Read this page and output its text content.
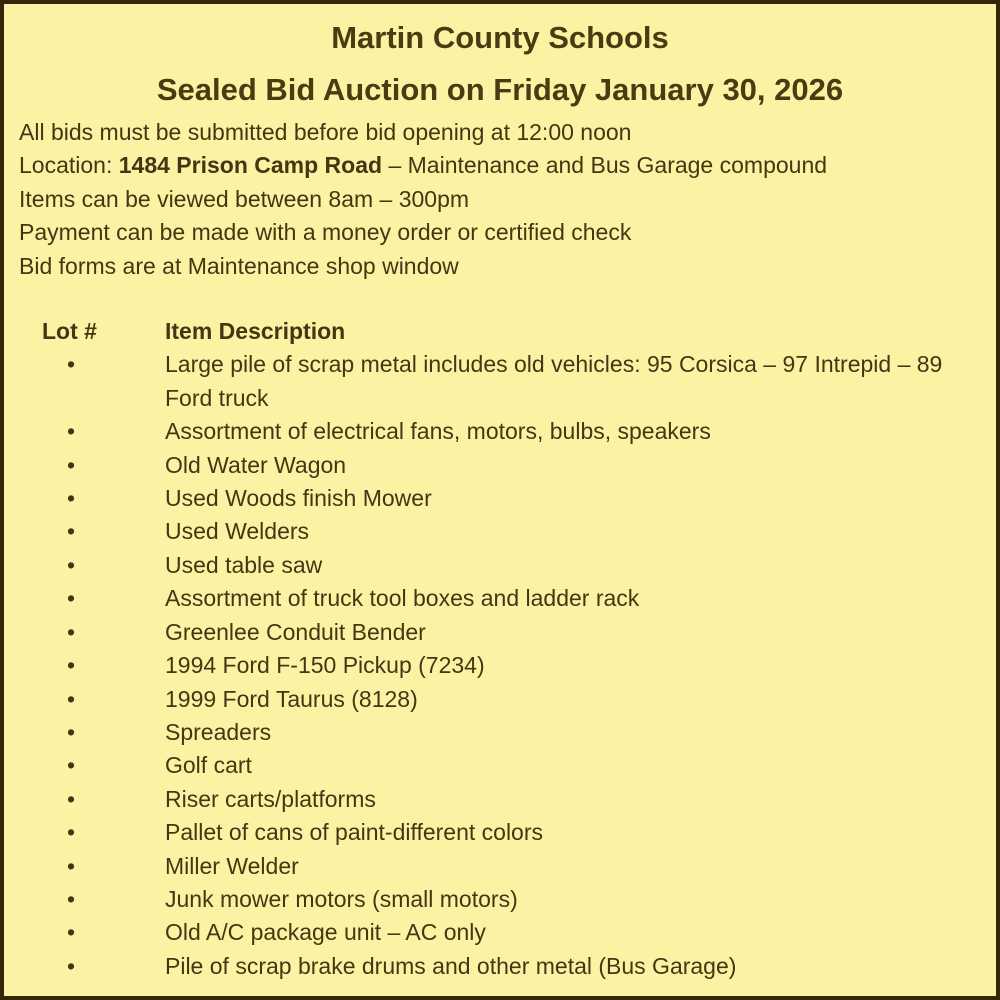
Martin County Schools
Sealed Bid Auction on Friday January 30, 2026

All bids must be submitted before bid opening at 12:00 noon

Location: 1484 Prison Camp Road – Maintenance and Bus Garage compound

Items can be viewed between 8am – 300pm

Payment can be made with a money order or certified check

Bid forms are at Maintenance shop window

Lot #	Item Description
•	Large pile of scrap metal includes old vehicles: 95 Corsica – 97 Intrepid – 89 Ford truck
•	Assortment of electrical fans, motors, bulbs, speakers
•	Old Water Wagon
•	Used Woods finish Mower
•	Used Welders
•	Used table saw
•	Assortment of truck tool boxes and ladder rack
•	Greenlee Conduit Bender
•	1994 Ford F-150 Pickup (7234)
•	1999 Ford Taurus (8128)
•	Spreaders
•	Golf cart
•	Riser carts/platforms
•	Pallet of cans of paint-different colors
•	Miller Welder
•	Junk mower motors (small motors)
•	Old A/C package unit – AC only
•	Pile of scrap brake drums and other metal (Bus Garage)
